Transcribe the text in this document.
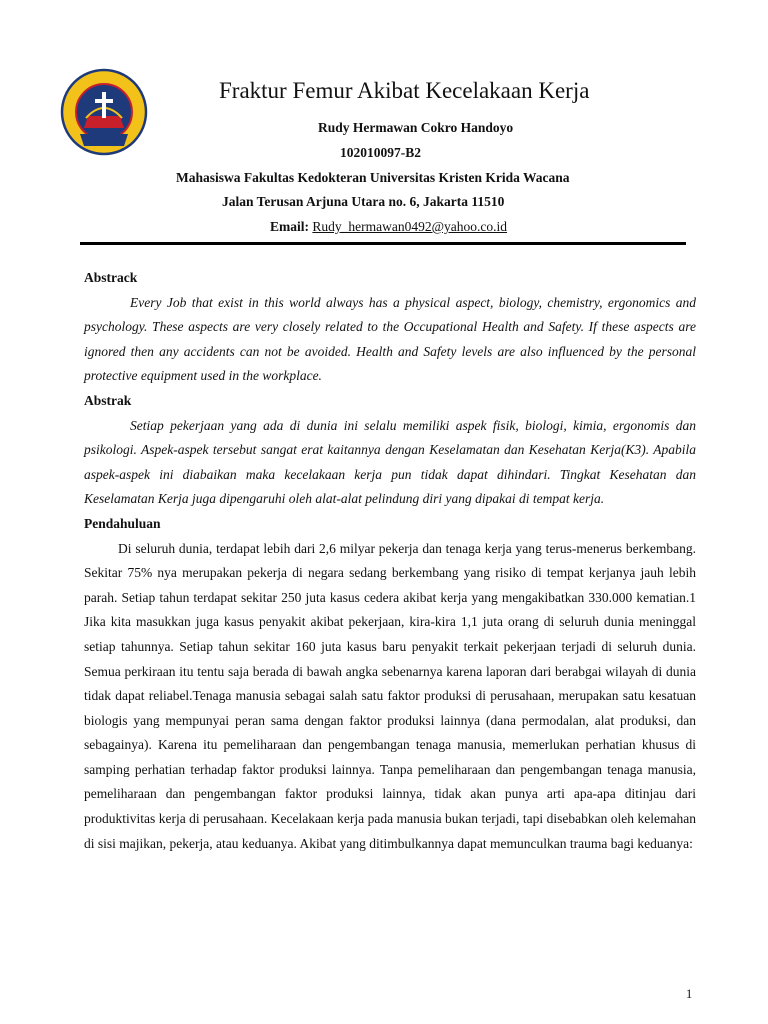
Fraktur Femur Akibat Kecelakaan Kerja
Rudy Hermawan Cokro Handoyo
102010097-B2
Mahasiswa Fakultas Kedokteran Universitas Kristen Krida Wacana
Jalan Terusan Arjuna Utara no. 6, Jakarta 11510
Email: Rudy_hermawan0492@yahoo.co.id

Abstrack

Every Job that exist in this world always has a physical aspect, biology, chemistry, ergonomics and psychology. These aspects are very closely related to the Occupational Health and Safety. If these aspects are ignored then any accidents can not be avoided. Health and Safety levels are also influenced by the personal protective equipment used in the workplace.

Abstrak

Setiap pekerjaan yang ada di dunia ini selalu memiliki aspek fisik, biologi, kimia, ergonomis dan psikologi. Aspek-aspek tersebut sangat erat kaitannya dengan Keselamatan dan Kesehatan Kerja(K3). Apabila aspek-aspek ini diabaikan maka kecelakaan kerja pun tidak dapat dihindari. Tingkat Kesehatan dan Keselamatan Kerja juga dipengaruhi oleh alat-alat pelindung diri yang dipakai di tempat kerja.

Pendahuluan

Di seluruh dunia, terdapat lebih dari 2,6 milyar pekerja dan tenaga kerja yang terus-menerus berkembang. Sekitar 75% nya merupakan pekerja di negara sedang berkembang yang risiko di tempat kerjanya jauh lebih parah. Setiap tahun terdapat sekitar 250 juta kasus cedera akibat kerja yang mengakibatkan 330.000 kematian.1 Jika kita masukkan juga kasus penyakit akibat pekerjaan, kira-kira 1,1 juta orang di seluruh dunia meninggal setiap tahunnya. Setiap tahun sekitar 160 juta kasus baru penyakit terkait pekerjaan terjadi di seluruh dunia. Semua perkiraan itu tentu saja berada di bawah angka sebenarnya karena laporan dari berabgai wilayah di dunia tidak dapat reliabel.Tenaga manusia sebagai salah satu faktor produksi di perusahaan, merupakan satu kesatuan biologis yang mempunyai peran sama dengan faktor produksi lainnya (dana permodalan, alat produksi, dan sebagainya). Karena itu pemeliharaan dan pengembangan tenaga manusia, memerlukan perhatian khusus di samping perhatian terhadap faktor produksi lainnya. Tanpa pemeliharaan dan pengembangan tenaga manusia, pemeliharaan dan pengembangan faktor produksi lainnya, tidak akan punya arti apa-apa ditinjau dari produktivitas kerja di perusahaan. Kecelakaan kerja pada manusia bukan terjadi, tapi disebabkan oleh kelemahan di sisi majikan, pekerja, atau keduanya. Akibat yang ditimbulkannya dapat memunculkan trauma bagi keduanya:

1
